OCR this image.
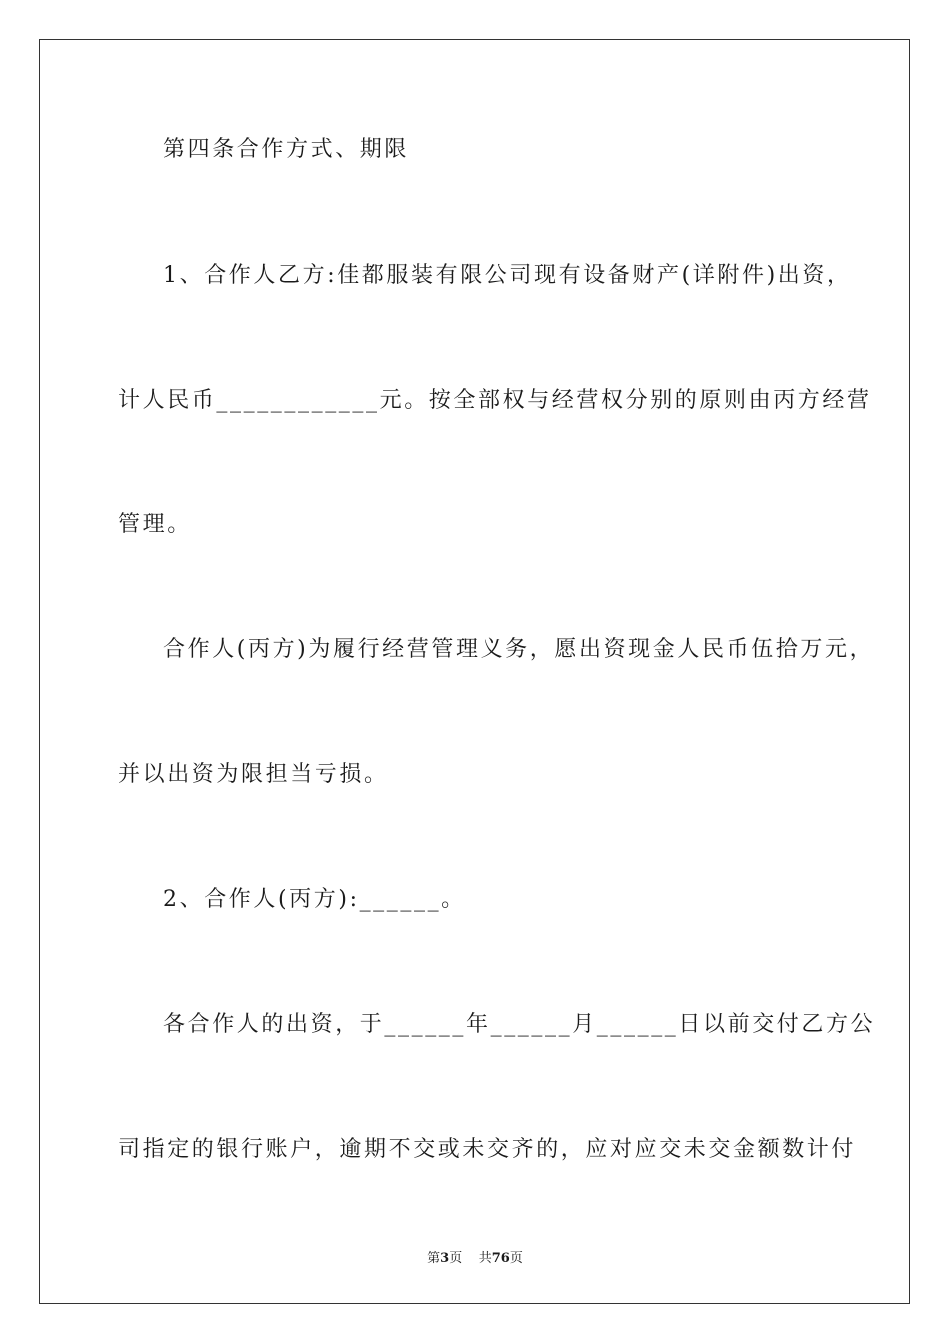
第四条合作方式、期限
1、合作人乙方:佳都服装有限公司现有设备财产(详附件)出资，
计人民币____________元。按全部权与经营权分别的原则由丙方经营
管理。
合作人(丙方)为履行经营管理义务，愿出资现金人民币伍拾万元，
并以出资为限担当亏损。
2、合作人(丙方):______。
各合作人的出资，于______年______月______日以前交付乙方公
司指定的银行账户，逾期不交或未交齐的，应对应交未交金额数计付
第3页 共76页
